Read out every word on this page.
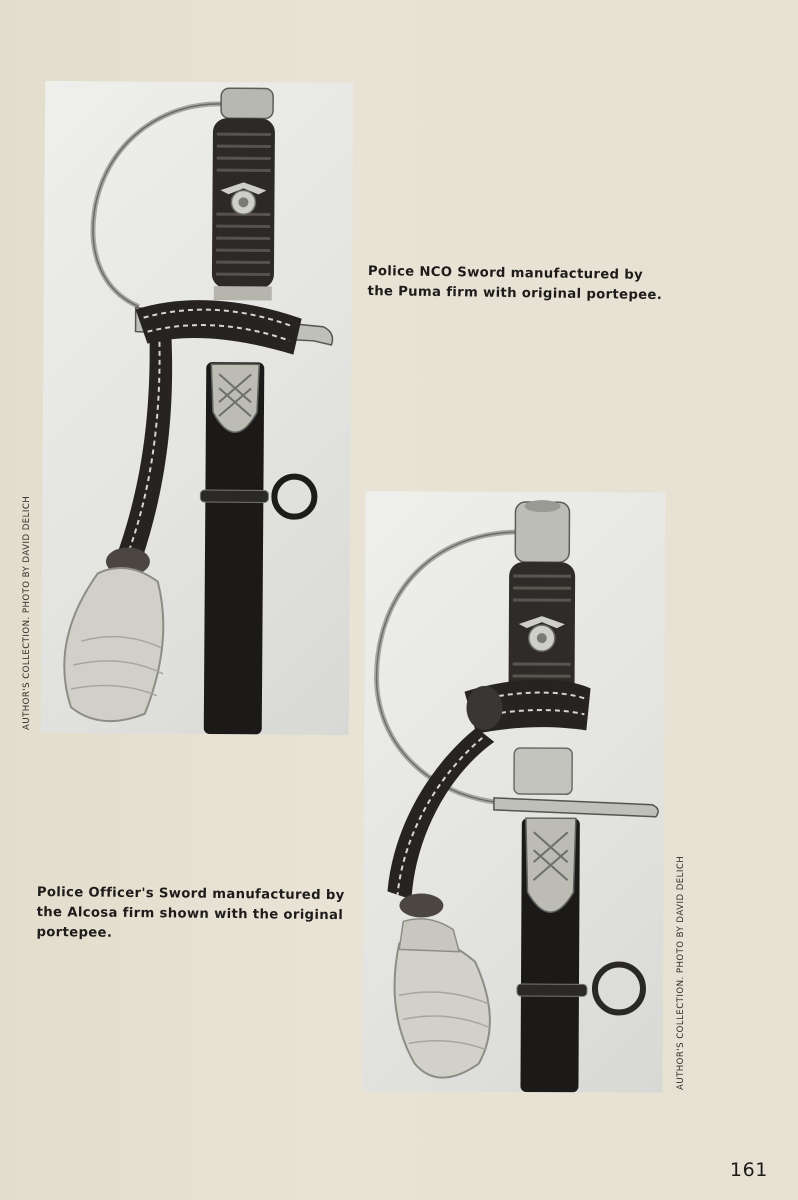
Police NCO Sword manufactured by the Puma firm with original portepee.

AUTHOR'S COLLECTION. PHOTO BY DAVID DELICH

Police Officer's Sword manufactured by the Alcosa firm shown with the original portepee.	AUTHOR'S COLLECTION. PHOTO BY DAVID DELICH
161
